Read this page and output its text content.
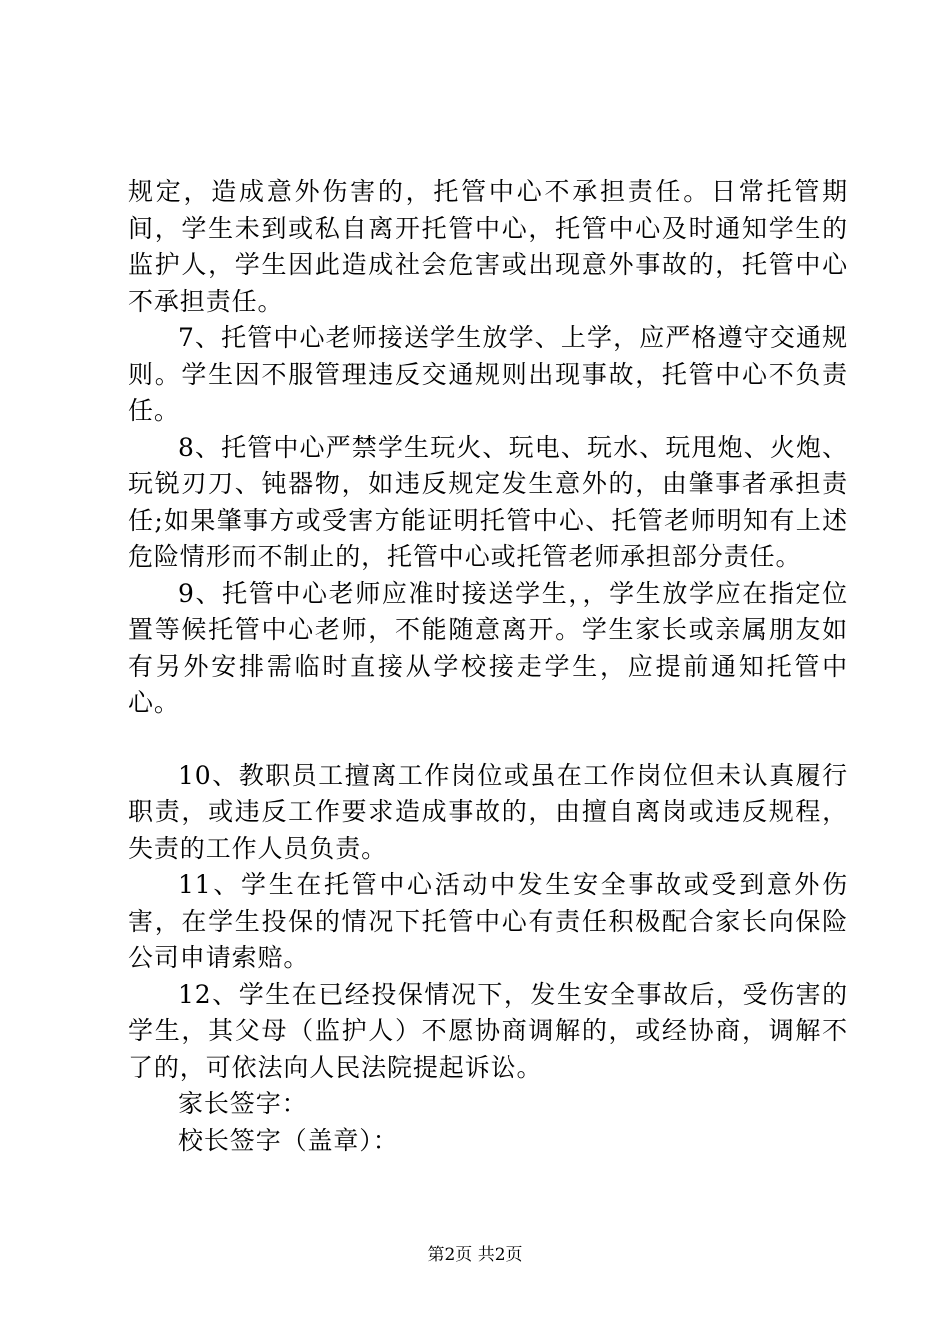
规定，造成意外伤害的，托管中心不承担责任。日常托管期间，学生未到或私自离开托管中心，托管中心及时通知学生的监护人，学生因此造成社会危害或出现意外事故的，托管中心不承担责任。

7、托管中心老师接送学生放学、上学，应严格遵守交通规则。学生因不服管理违反交通规则出现事故，托管中心不负责任。

8、托管中心严禁学生玩火、玩电、玩水、玩甩炮、火炮、玩锐刃刀、钝器物，如违反规定发生意外的，由肇事者承担责任;如果肇事方或受害方能证明托管中心、托管老师明知有上述危险情形而不制止的，托管中心或托管老师承担部分责任。

9、托管中心老师应准时接送学生，，学生放学应在指定位置等候托管中心老师，不能随意离开。学生家长或亲属朋友如有另外安排需临时直接从学校接走学生，应提前通知托管中心。

10、教职员工擅离工作岗位或虽在工作岗位但未认真履行职责，或违反工作要求造成事故的，由擅自离岗或违反规程，失责的工作人员负责。

11、学生在托管中心活动中发生安全事故或受到意外伤害，在学生投保的情况下托管中心有责任积极配合家长向保险公司申请索赔。

12、学生在已经投保情况下，发生安全事故后，受伤害的学生，其父母（监护人）不愿协商调解的，或经协商，调解不了的，可依法向人民法院提起诉讼。

家长签字：

校长签字（盖章）：

第2页 共2页
